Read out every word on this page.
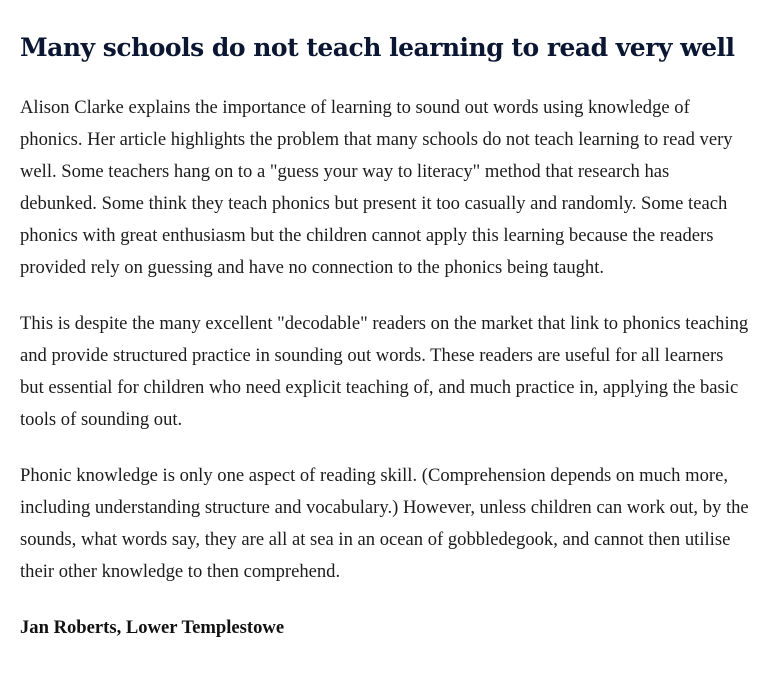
Many schools do not teach learning to read very well

Alison Clarke explains the importance of learning to sound out words using knowledge of phonics. Her article highlights the problem that many schools do not teach learning to read very well. Some teachers hang on to a "guess your way to literacy" method that research has debunked. Some think they teach phonics but present it too casually and randomly. Some teach phonics with great enthusiasm but the children cannot apply this learning because the readers provided rely on guessing and have no connection to the phonics being taught.

This is despite the many excellent "decodable" readers on the market that link to phonics teaching and provide structured practice in sounding out words. These readers are useful for all learners but essential for children who need explicit teaching of, and much practice in, applying the basic tools of sounding out.

Phonic knowledge is only one aspect of reading skill. (Comprehension depends on much more, including understanding structure and vocabulary.) However, unless children can work out, by the sounds, what words say, they are all at sea in an ocean of gobbledegook, and cannot then utilise their other knowledge to then comprehend.

Jan Roberts, Lower Templestowe
